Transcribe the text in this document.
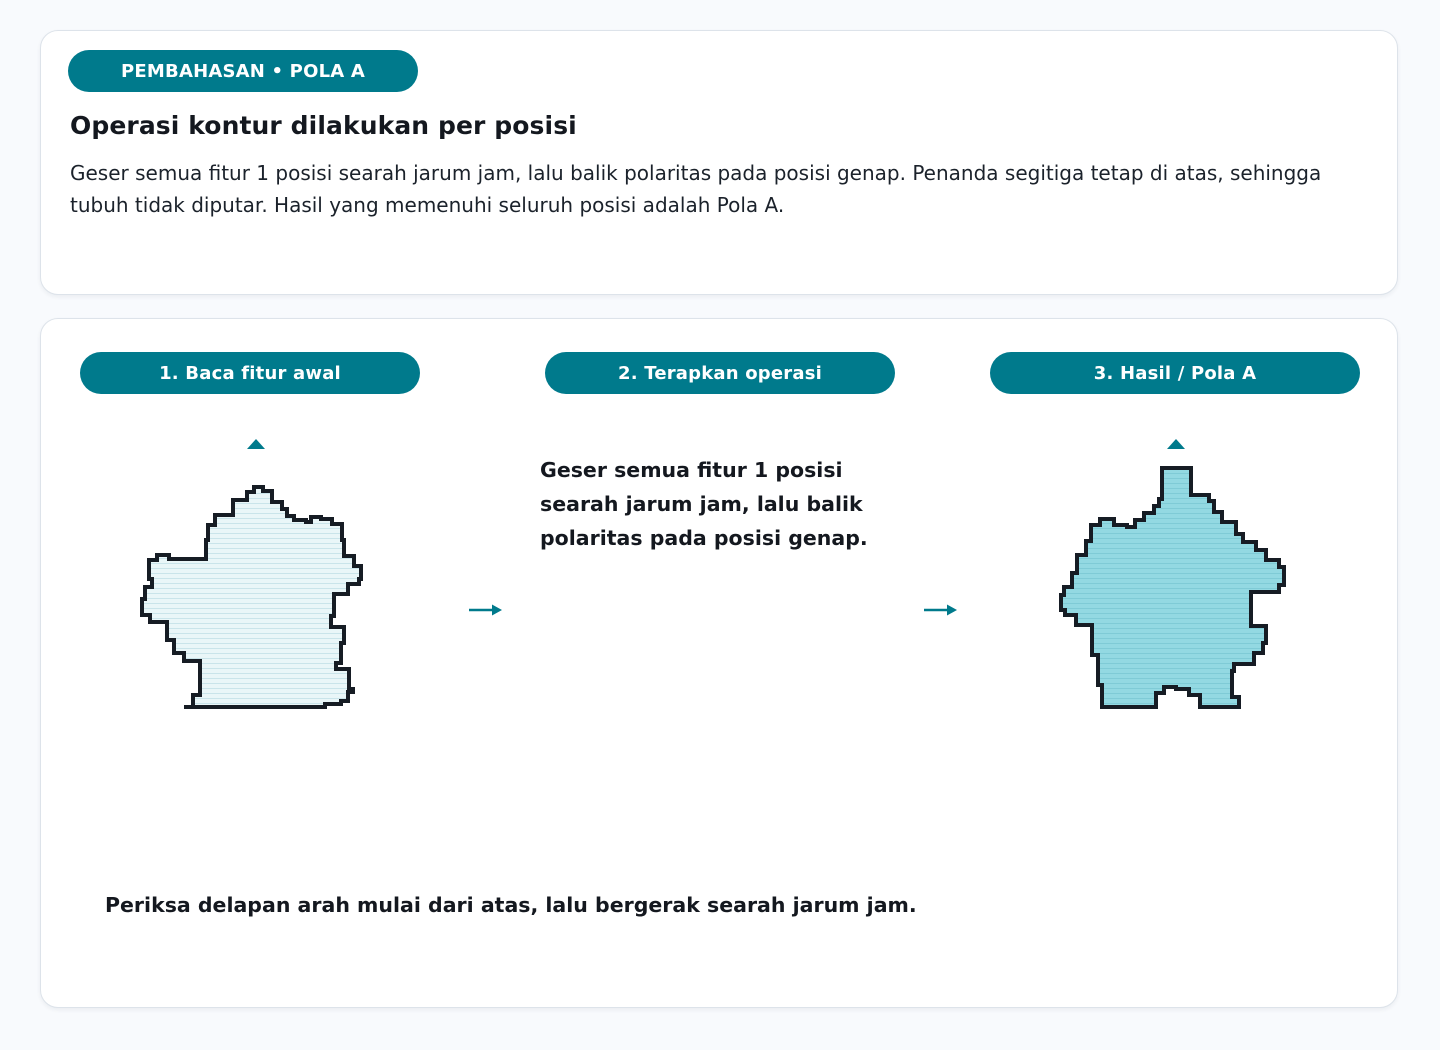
PEMBAHASAN • POLA A
Operasi kontur dilakukan per posisi

Geser semua fitur 1 posisi searah jarum jam, lalu balik polaritas pada posisi genap. Penanda segitiga tetap di atas, sehingga tubuh tidak diputar. Hasil yang memenuhi seluruh posisi adalah Pola A.

1. Baca fitur awal	2. Terapkan operasi	3. Hasil / Pola A

Geser semua fitur 1 posisi searah jarum jam, lalu balik polaritas pada posisi genap.

Periksa delapan arah mulai dari atas, lalu bergerak searah jarum jam.
